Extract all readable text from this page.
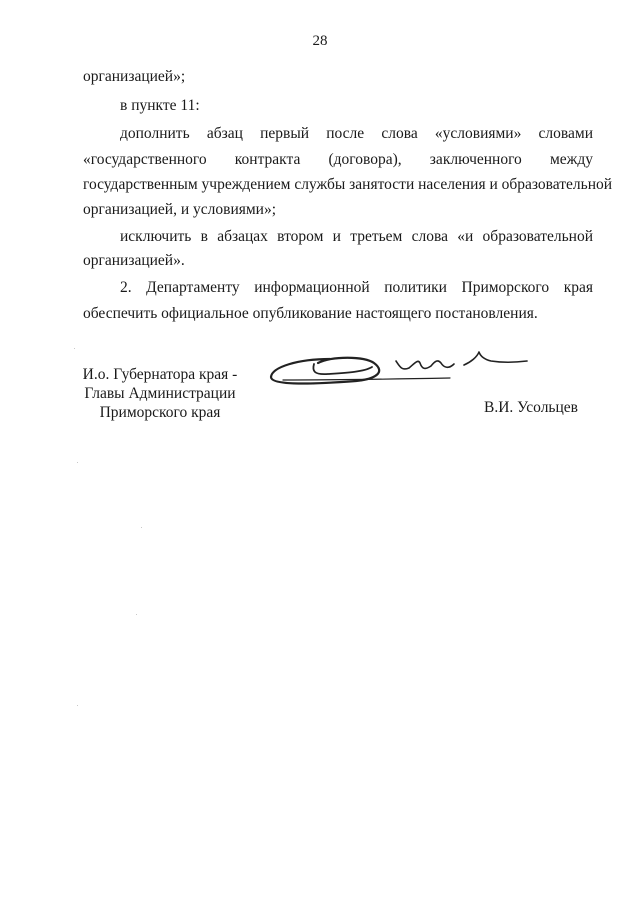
28
организацией»;
в пункте 11:
дополнить абзац первый после слова «условиями» словами
«государственного контракта (договора), заключенного между
государственным учреждением службы занятости населения и образовательной
организацией, и условиями»;
исключить в абзацах втором и третьем слова «и образовательной
организацией».
2. Департаменту информационной политики Приморского края
обеспечить официальное опубликование настоящего постановления.
И.о. Губернатора края -
Главы Администрации
Приморского края	В.И. Усольцев
